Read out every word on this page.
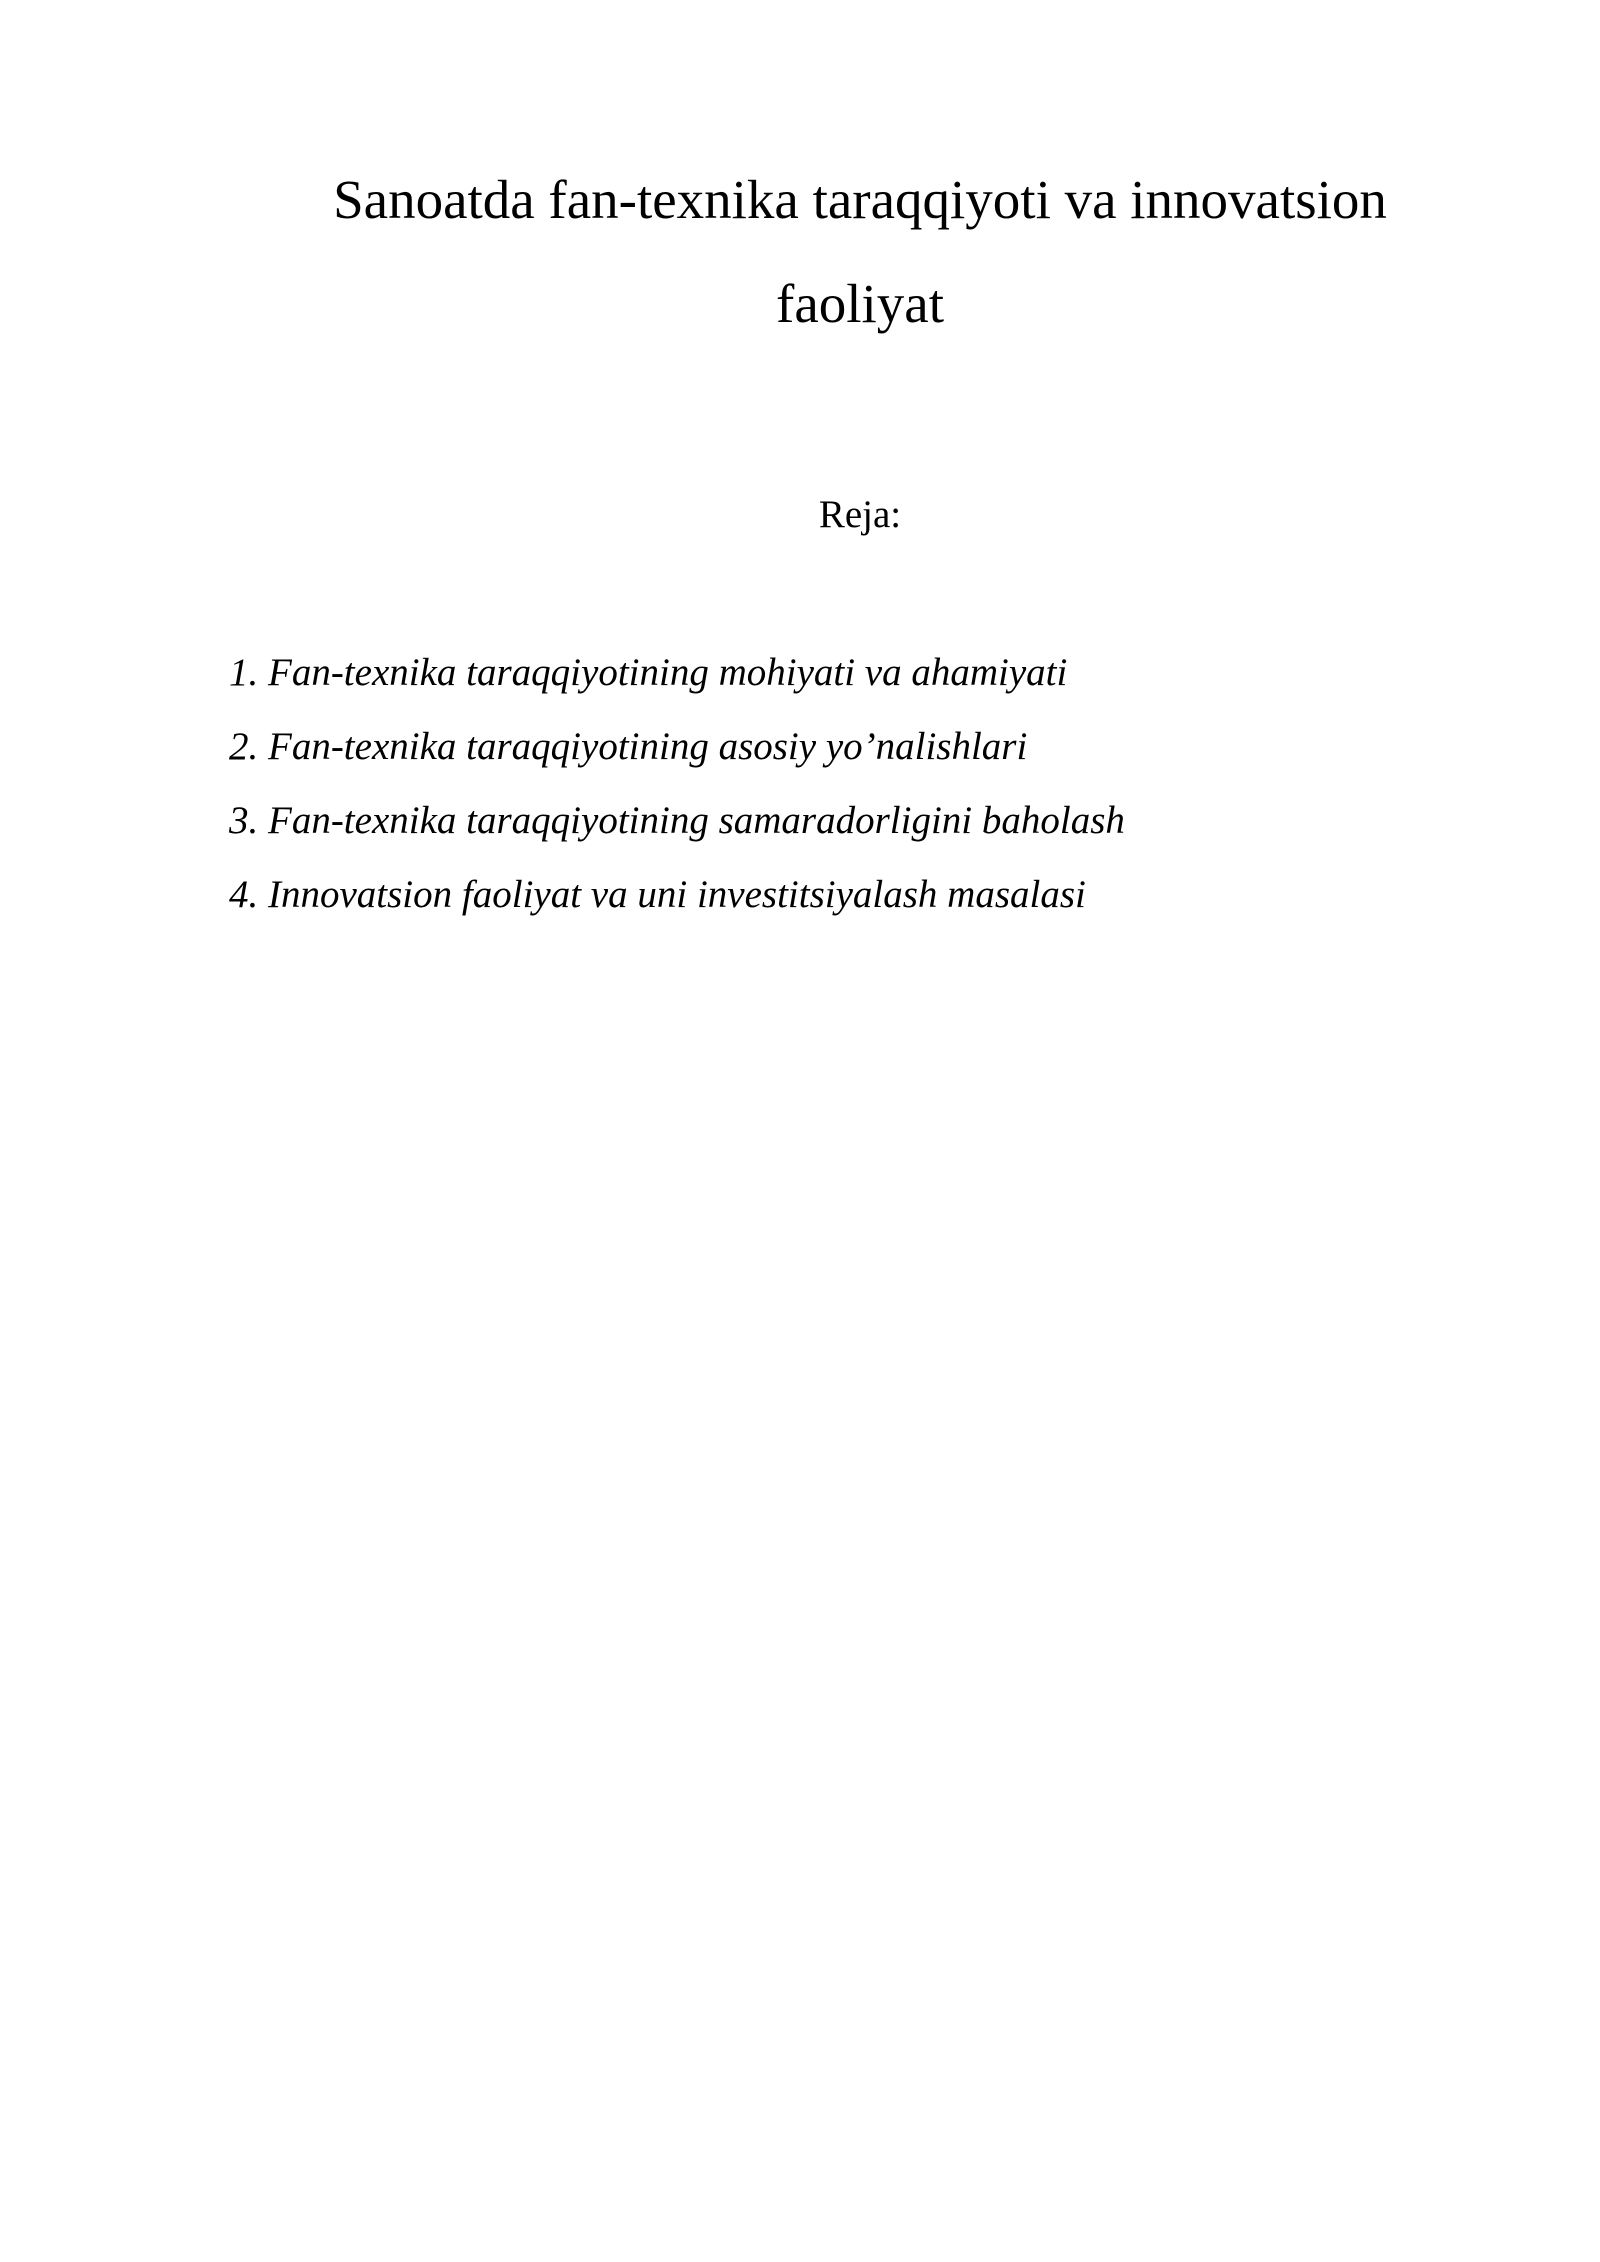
Sanoatda fan-texnika taraqqiyoti va innovatsion
faoliyat

Reja:

1. Fan-texnika taraqqiyotining mohiyati va ahamiyati
2. Fan-texnika taraqqiyotining asosiy yo’nalishlari
3. Fan-texnika taraqqiyotining samaradorligini baholash
4. Innovatsion faoliyat va uni investitsiyalash masalasi
